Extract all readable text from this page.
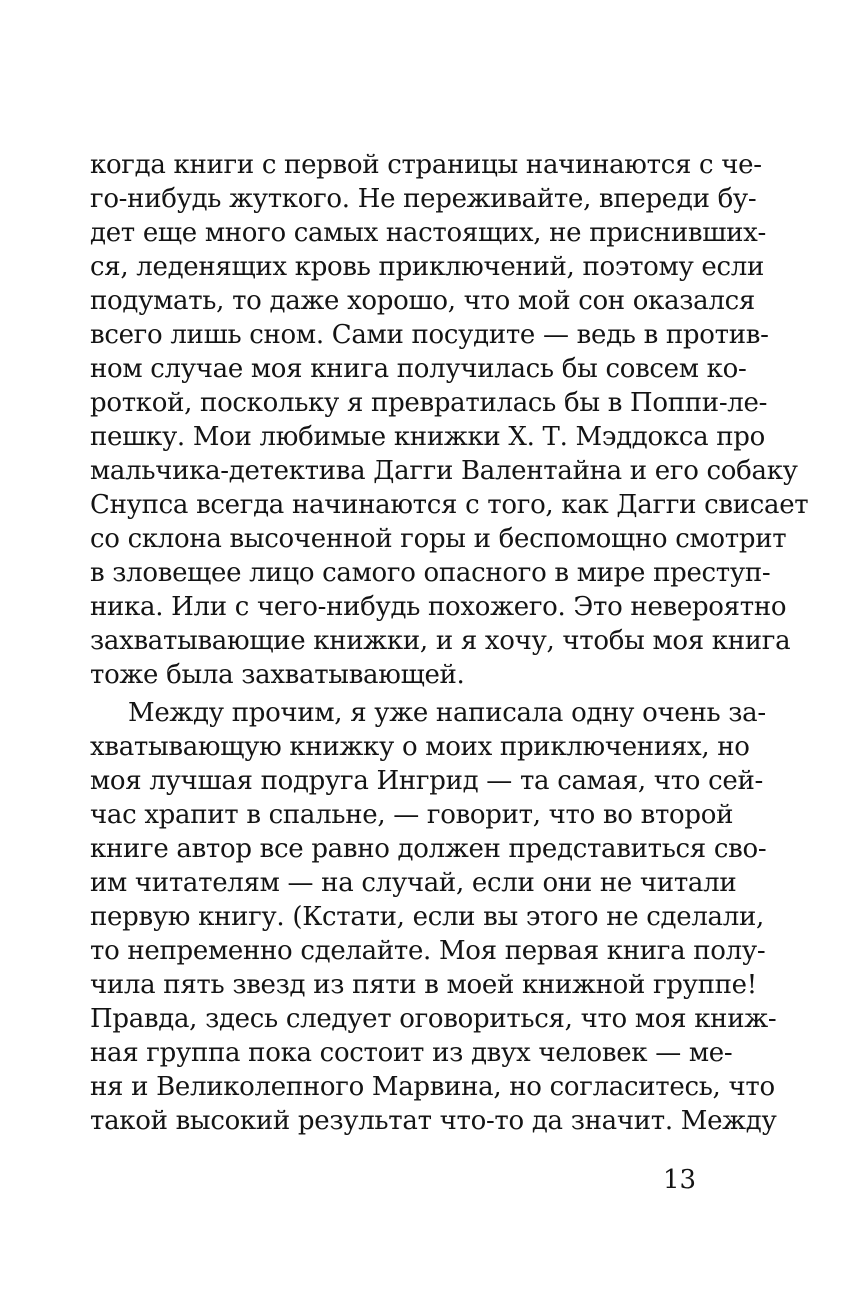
когда книги с первой страницы начинаются с че-
го-нибудь жуткого. Не переживайте, впереди бу-
дет еще много самых настоящих, не приснивших-
ся, леденящих кровь приключений, поэтому если
подумать, то даже хорошо, что мой сон оказался
всего лишь сном. Сами посудите — ведь в против-
ном случае моя книга получилась бы совсем ко-
роткой, поскольку я превратилась бы в Поппи-ле-
пешку. Мои любимые книжки Х. Т. Мэддокса про
мальчика-детектива Дагги Валентайна и его собаку
Снупса всегда начинаются с того, как Дагги свисает
со склона высоченной горы и беспомощно смотрит
в зловещее лицо самого опасного в мире преступ-
ника. Или с чего-нибудь похожего. Это невероятно
захватывающие книжки, и я хочу, чтобы моя книга
тоже была захватывающей.
Между прочим, я уже написала одну очень за-
хватывающую книжку о моих приключениях, но
моя лучшая подруга Ингрид — та самая, что сей-
час храпит в спальне, — говорит, что во второй
книге автор все равно должен представиться сво-
им читателям — на случай, если они не читали
первую книгу. (Кстати, если вы этого не сделали,
то непременно сделайте. Моя первая книга полу-
чила пять звезд из пяти в моей книжной группе!
Правда, здесь следует оговориться, что моя книж-
ная группа пока состоит из двух человек — ме-
ня и Великолепного Марвина, но согласитесь, что
такой высокий результат что-то да значит. Между
13
